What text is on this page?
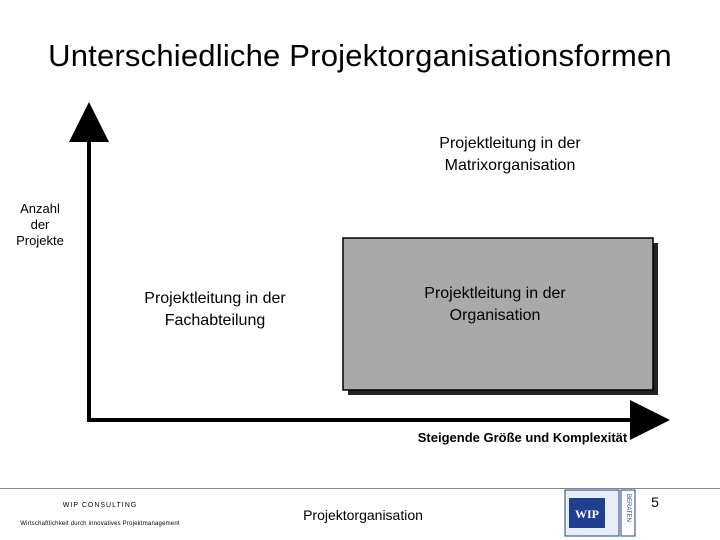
Unterschiedliche Projektorganisationsformen
Projektleitung in der Matrixorganisation
Anzahl der Projekte
Projektleitung in der Fachabteilung
Projektleitung in der Organisation
Steigende Größe und Komplexität
WIP CONSULTING
Wirtschaftlichkeit durch innovatives Projektmanagement
Projektorganisation
5
WIP	BERATEN
